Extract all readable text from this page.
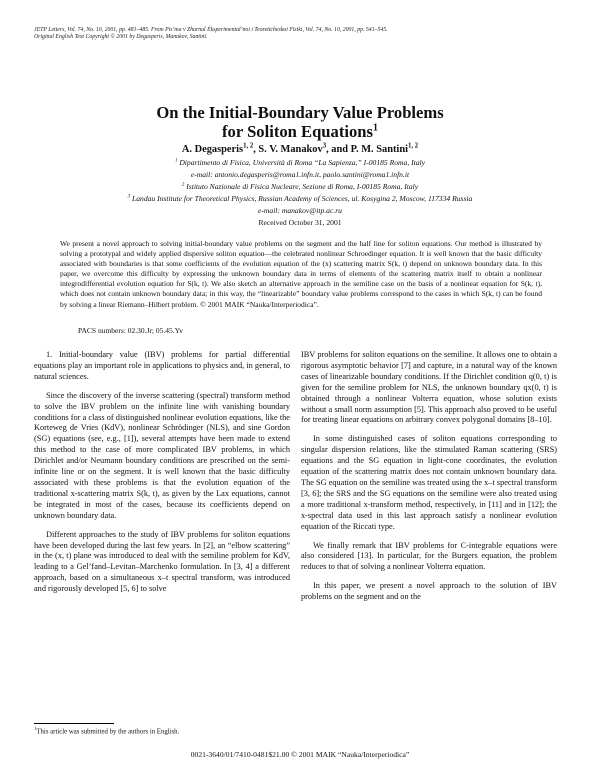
JETP Letters, Vol. 74, No. 10, 2001, pp. 481–485. From Pis’ma v Zhurnal Éksperimental’noi i Teoreticheskoi Fiziki, Vol. 74, No. 10, 2001, pp. 541–545.
Original English Text Copyright © 2001 by Degasperis, Manakov, Santini.
On the Initial-Boundary Value Problems
for Soliton Equations$^1$
A. Degasperis$^{1, 2}$, S. V. Manakov$^3$, and P. M. Santini$^{1, 2}$
$^1$ Dipartimento di Fisica, Università di Roma “La Sapienza,” I-00185 Roma, Italy
e-mail: antonio.degasperis@roma1.infn.it, paolo.santini@roma1.infn.it
$^2$ Istituto Nazionale di Fisica Nucleare, Sezione di Roma, I-00185 Roma, Italy
$^3$ Landau Institute for Theoretical Physics, Russian Academy of Sciences, ul. Kosygina 2, Moscow, 117334 Russia
e-mail: manakov@itp.ac.ru
Received October 31, 2001
We present a novel approach to solving initial-boundary value problems on the segment and the half line for soliton equations. Our method is illustrated by solving a prototypal and widely applied dispersive soliton equation—the celebrated nonlinear Schroedinger equation. It is well known that the basic difficulty associated with boundaries is that some coefficients of the evolution equation of the (x) scattering matrix S(k, t) depend on unknown boundary data. In this paper, we overcome this difficulty by expressing the unknown boundary data in terms of elements of the scattering matrix itself to obtain a nonlinear integrodifferential evolution equation for S(k, t). We also sketch an alternative approach in the semiline case on the basis of a nonlinear equation for S(k, t), which does not contain unknown boundary data; in this way, the “linearizable” boundary value problems correspond to the cases in which S(k, t) can be found by solving a linear Riemann–Hilbert problem. © 2001 MAIK “Nauka/Interperiodica”.
PACS numbers: 02.30.Jr; 05.45.Yv

1. Initial-boundary value (IBV) problems for partial differential equations play an important role in applications to physics and, in general, to natural sciences.

Since the discovery of the inverse scattering (spectral) transform method to solve the IBV problem on the infinite line with vanishing boundary conditions for a class of distinguished nonlinear evolution equations, like the Korteweg de Vries (KdV), nonlinear Schrödinger (NLS), and sine Gordon (SG) equations (see, e.g., [1]), several attempts have been made to extend this method to the case of more complicated IBV problems, in which Dirichlet and/or Neumann boundary conditions are prescribed on the semi-infinite line or on the segment. It is well known that the basic difficulty associated with these problems is that the evolution equation of the traditional x-scattering matrix S(k, t), as given by the Lax equations, cannot be integrated in most of the cases, because its coefficients depend on unknown boundary data.

Different approaches to the study of IBV problems for soliton equations have been developed during the last few years. In [2], an “elbow scattering” in the (x, t) plane was introduced to deal with the semiline problem for KdV, leading to a Gel’fand–Levitan–Marchenko formulation. In [3, 4] a different approach, based on a simultaneous x–t spectral transform, was introduced and rigorously developed [5, 6] to solve

IBV problems for soliton equations on the semiline. It allows one to obtain a rigorous asymptotic behavior [7] and capture, in a natural way of the known cases of linearizable boundary conditions. If the Dirichlet condition q(0, t) is given for the semiline problem for NLS, the unknown boundary qx(0, t) is obtained through a nonlinear Volterra equation, whose solution exists without a small norm assumption [5]. This approach also proved to be useful for treating linear equations on arbitrary convex polygonal domains [8–10].

In some distinguished cases of soliton equations corresponding to singular dispersion relations, like the stimulated Raman scattering (SRS) equations and the SG equation in light-cone coordinates, the evolution equation of the scattering matrix does not contain unknown boundary data. The SG equation on the semiline was treated using the x–t spectral transform [3, 6]; the SRS and the SG equations on the semiline were also treated using a more traditional x-transform method, respectively, in [11] and in [12]; the x-spectral data used in this last approach satisfy a nonlinear evolution equation of the Riccati type.

We finally remark that IBV problems for C-integrable equations were also considered [13]. In particular, for the Burgers equation, the problem reduces to that of solving a nonlinear Volterra equation.

In this paper, we present a novel approach to the solution of IBV problems on the segment and on the

$^1$This article was submitted by the authors in English.
0021-3640/01/7410-0481$21.00 © 2001 MAIK “Nauka/Interperiodica”
